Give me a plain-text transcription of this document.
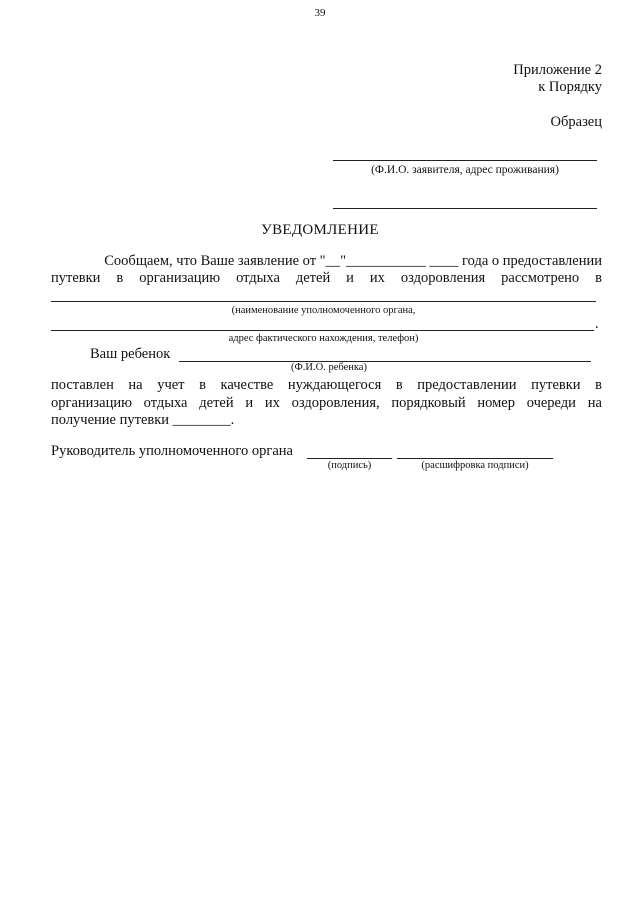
39
Приложение 2
к Порядку
Образец
(Ф.И.О. заявителя, адрес проживания)
УВЕДОМЛЕНИЕ
Сообщаем, что Ваше заявление от "__"___________ ____ года о предоставлении
путевки в организацию отдыха детей и их оздоровления рассмотрено в
(наименование уполномоченного органа,
.
адрес фактического нахождения, телефон)
Ваш ребенок
(Ф.И.О. ребенка)
поставлен на учет в качестве нуждающегося в предоставлении путевки в
организацию отдыха детей и их оздоровления, порядковый номер очереди на
получение путевки ________.
Руководитель уполномоченного органа
(подпись)	(расшифровка подписи)
